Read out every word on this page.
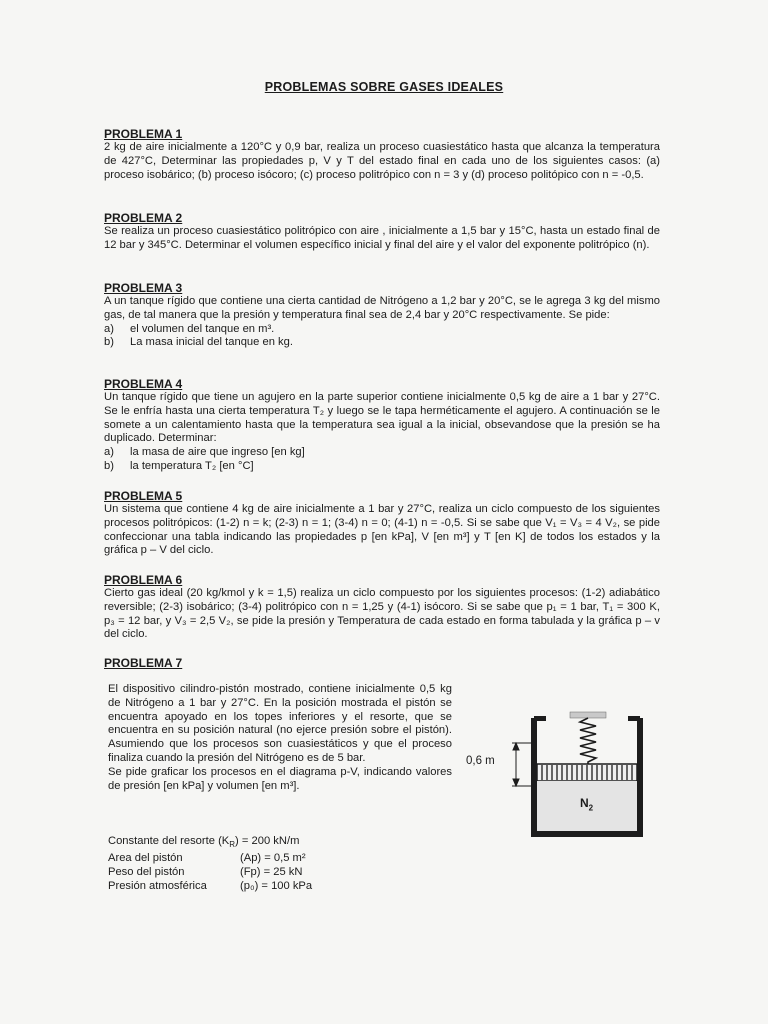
PROBLEMAS SOBRE GASES IDEALES
PROBLEMA 1
2 kg de aire inicialmente a 120°C y 0,9 bar, realiza un proceso cuasiestático hasta que alcanza la temperatura de 427°C, Determinar las propiedades p, V y T del estado final en cada uno de los siguientes casos: (a) proceso isobárico; (b) proceso isócoro; (c) proceso politrópico con n = 3 y (d) proceso politópico con n = -0,5.
PROBLEMA 2
Se realiza un proceso cuasiestático politrópico con aire , inicialmente a 1,5 bar y 15°C, hasta un estado final de 12 bar y 345°C. Determinar el volumen específico inicial y final del aire y el valor del exponente politrópico (n).
PROBLEMA 3
A un tanque rígido que contiene una cierta cantidad de Nitrógeno a 1,2 bar y 20°C, se le agrega 3 kg del mismo gas, de tal manera que la presión y temperatura final sea de 2,4 bar y 20°C respectivamente. Se pide:
a)	el volumen del tanque en m³.
b)	La masa inicial del tanque en kg.
PROBLEMA 4
Un tanque rígido que tiene un agujero en la parte superior contiene inicialmente 0,5 kg de aire a 1 bar y 27°C. Se le enfría hasta una cierta temperatura T₂ y luego se le tapa herméticamente el agujero. A continuación se le somete a un calentamiento hasta que la temperatura sea igual a la inicial, obsevandose que la presión se ha duplicado. Determinar:
a)	la masa de aire que ingreso [en kg]
b)	la temperatura T₂ [en °C]
PROBLEMA 5
Un sistema que contiene 4 kg de aire inicialmente a 1 bar y 27°C, realiza un ciclo compuesto de los siguientes procesos politrópicos: (1-2) n = k; (2-3) n = 1; (3-4) n = 0; (4-1) n = -0,5. Si se sabe que V₁ = V₃ = 4 V₂, se pide confeccionar una tabla indicando las propiedades p [en kPa], V [en m³] y T [en K] de todos los estados y la gráfica p – V del ciclo.
PROBLEMA 6
Cierto gas ideal (20 kg/kmol y k = 1,5) realiza un ciclo compuesto por los siguientes procesos: (1-2) adiabático reversible; (2-3) isobárico; (3-4) politrópico con n = 1,25 y (4-1) isócoro. Si se sabe que p₁ = 1 bar, T₁ = 300 K, p₃ = 12 bar, y V₃ = 2,5 V₂, se pide la presión y Temperatura de cada estado en forma tabulada y la gráfica p – v del ciclo.
PROBLEMA 7
El dispositivo cilindro-pistón mostrado, contiene inicialmente 0,5 kg de Nitrógeno a 1 bar y 27°C. En la posición mostrada el pistón se encuentra apoyado en los topes inferiores y el resorte, que se encuentra en su posición natural (no ejerce presión sobre el pistón). Asumiendo que los procesos son cuasiestáticos y que el proceso finaliza cuando la presión del Nitrógeno es de 5 bar.
Se pide graficar los procesos en el diagrama p-V, indicando valores de presión [en kPa] y volumen [en m³].
Constante del resorte $(K_R) = 200$ kN/m
Area del pistón	(Ap) = 0,5 m²
Peso del pistón	(Fp) = 25 kN
Presión atmosférica	(p₀) = 100 kPa
0,6 m
$N_2$
